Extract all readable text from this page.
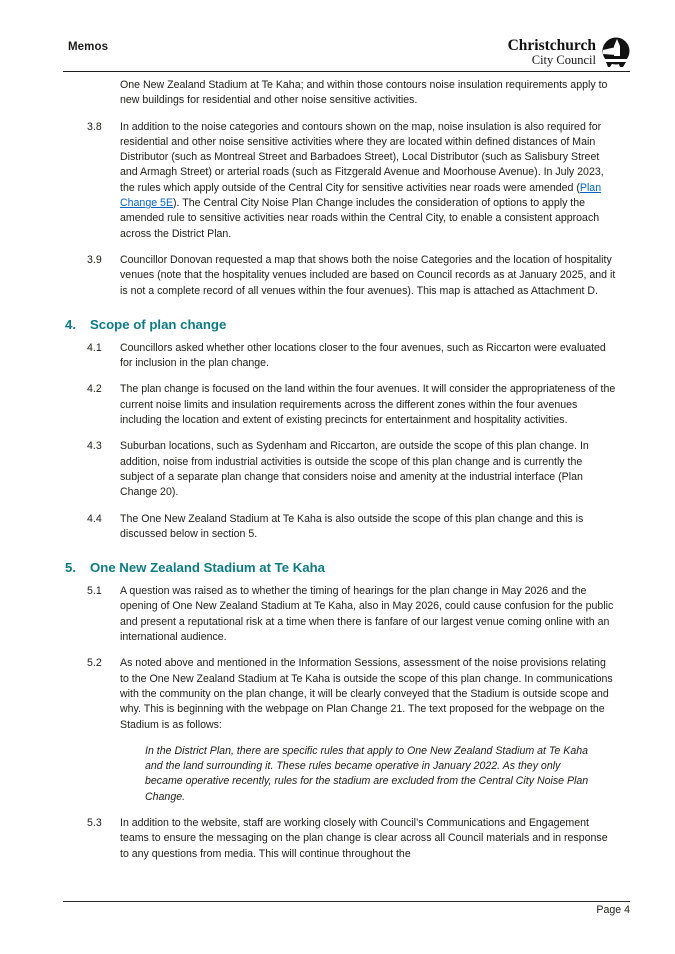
Memos	Christchurch
City Council
One New Zealand Stadium at Te Kaha; and within those contours noise insulation requirements apply to new buildings for residential and other noise sensitive activities.
3.8	In addition to the noise categories and contours shown on the map, noise insulation is also required for residential and other noise sensitive activities where they are located within defined distances of Main Distributor (such as Montreal Street and Barbadoes Street), Local Distributor (such as Salisbury Street and Armagh Street) or arterial roads (such as Fitzgerald Avenue and Moorhouse Avenue). In July 2023, the rules which apply outside of the Central City for sensitive activities near roads were amended (Plan Change 5E). The Central City Noise Plan Change includes the consideration of options to apply the amended rule to sensitive activities near roads within the Central City, to enable a consistent approach across the District Plan.
3.9	Councillor Donovan requested a map that shows both the noise Categories and the location of hospitality venues (note that the hospitality venues included are based on Council records as at January 2025, and it is not a complete record of all venues within the four avenues). This map is attached as Attachment D.
4.	Scope of plan change
4.1	Councillors asked whether other locations closer to the four avenues, such as Riccarton were evaluated for inclusion in the plan change.
4.2	The plan change is focused on the land within the four avenues. It will consider the appropriateness of the current noise limits and insulation requirements across the different zones within the four avenues including the location and extent of existing precincts for entertainment and hospitality activities.
4.3	Suburban locations, such as Sydenham and Riccarton, are outside the scope of this plan change. In addition, noise from industrial activities is outside the scope of this plan change and is currently the subject of a separate plan change that considers noise and amenity at the industrial interface (Plan Change 20).
4.4	The One New Zealand Stadium at Te Kaha is also outside the scope of this plan change and this is discussed below in section 5.
5.	One New Zealand Stadium at Te Kaha
5.1	A question was raised as to whether the timing of hearings for the plan change in May 2026 and the opening of One New Zealand Stadium at Te Kaha, also in May 2026, could cause confusion for the public and present a reputational risk at a time when there is fanfare of our largest venue coming online with an international audience.
5.2	As noted above and mentioned in the Information Sessions, assessment of the noise provisions relating to the One New Zealand Stadium at Te Kaha is outside the scope of this plan change. In communications with the community on the plan change, it will be clearly conveyed that the Stadium is outside scope and why. This is beginning with the webpage on Plan Change 21. The text proposed for the webpage on the Stadium is as follows:
In the District Plan, there are specific rules that apply to One New Zealand Stadium at Te Kaha and the land surrounding it. These rules became operative in January 2022. As they only became operative recently, rules for the stadium are excluded from the Central City Noise Plan Change.
5.3	In addition to the website, staff are working closely with Council’s Communications and Engagement teams to ensure the messaging on the plan change is clear across all Council materials and in response to any questions from media. This will continue throughout the
Page 4
